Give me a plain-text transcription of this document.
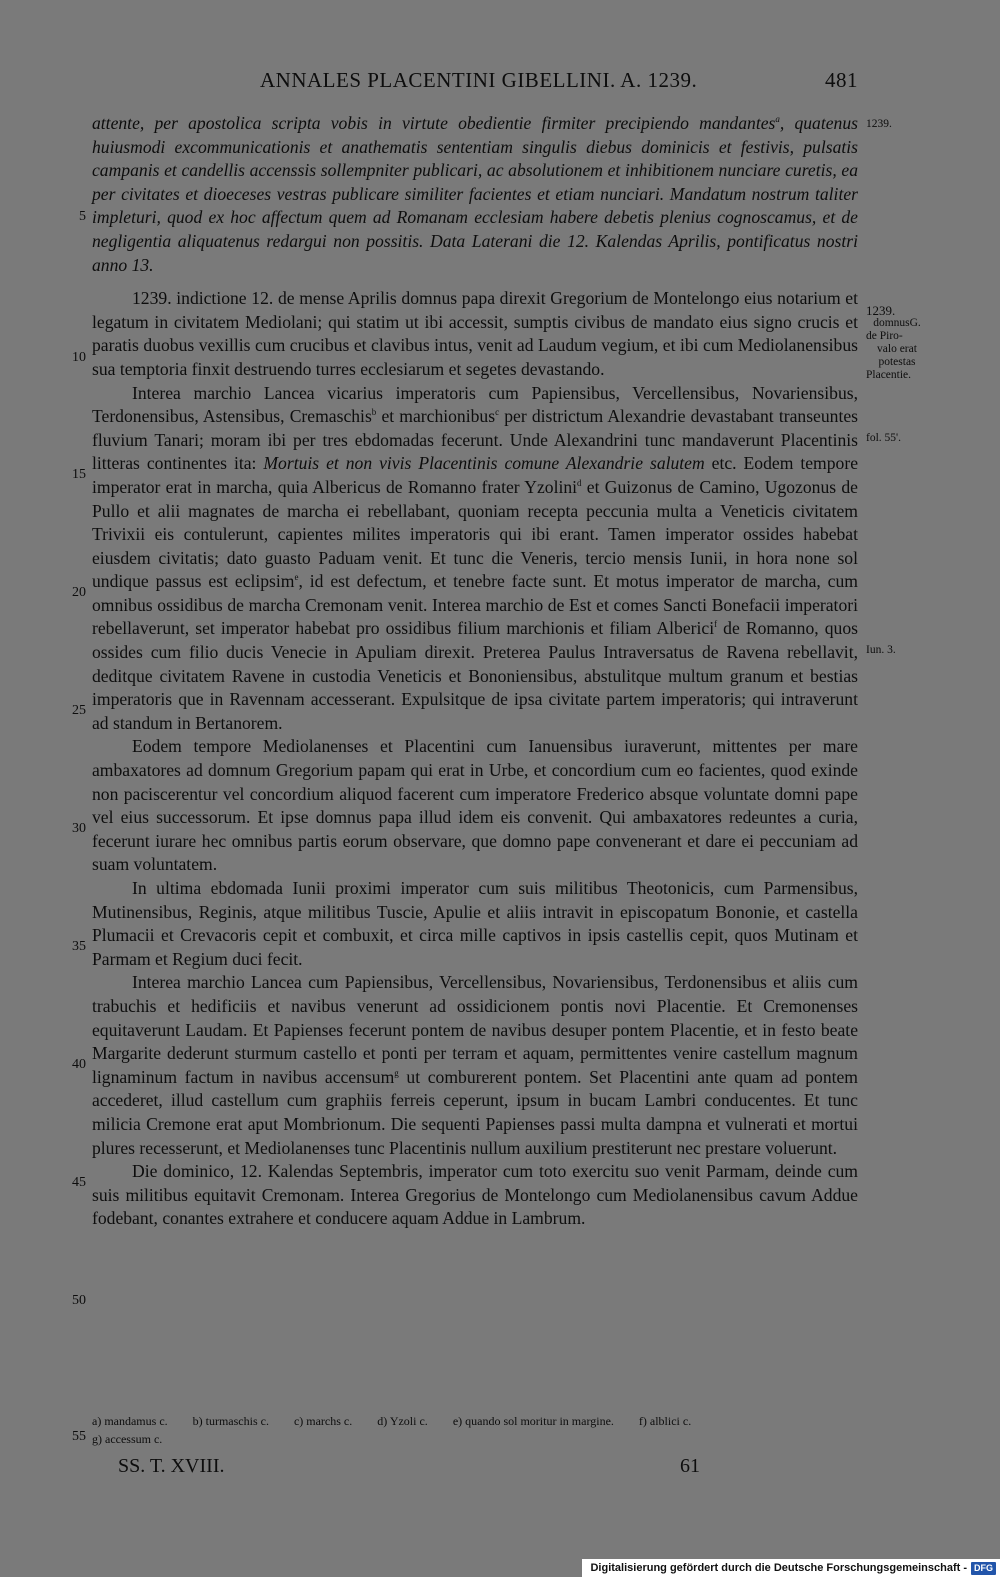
ANNALES PLACENTINI GIBELLINI. A. 1239.	481

attente, per apostolica scripta vobis in virtute obedientie firmiter precipiendo mandantes$^a$, quatenus huiusmodi excommunicationis et anathematis sententiam singulis diebus dominicis et festivis, pulsatis campanis et candellis accenssis sollempniter publicari, ac absolutionem et inhibitionem nunciare curetis, ea per civitates et dioeceses vestras publicare similiter facientes et etiam nunciari. Mandatum nostrum taliter impleturi, quod ex hoc affectum quem ad Romanam ecclesiam habere debetis plenius cognoscamus, et de negligentia aliquatenus redargui non possitis. Data Laterani die 12. Kalendas Aprilis, pontificatus nostri anno 13.

1239. indictione 12. de mense Aprilis domnus papa direxit Gregorium de Montelongo eius notarium et legatum in civitatem Mediolani; qui statim ut ibi accessit, sumptis civibus de mandato eius signo crucis et paratis duobus vexillis cum crucibus et clavibus intus, venit ad Laudum vegium, et ibi cum Mediolanensibus sua temptoria finxit destruendo turres ecclesiarum et segetes devastando.

Interea marchio Lancea vicarius imperatoris cum Papiensibus, Vercellensibus, Novariensibus, Terdonensibus, Astensibus, Cremaschis$^b$ et marchionibus$^c$ per districtum Alexandrie devastabant transeuntes fluvium Tanari; moram ibi per tres ebdomadas fecerunt. Unde Alexandrini tunc mandaverunt Placentinis litteras continentes ita: Mortuis et non vivis Placentinis comune Alexandrie salutem etc. Eodem tempore imperator erat in marcha, quia Albericus de Romanno frater Yzolini$^d$ et Guizonus de Camino, Ugozonus de Pullo et alii magnates de marcha ei rebellabant, quoniam recepta peccunia multa a Veneticis civitatem Trivixii eis contulerunt, capientes milites imperatoris qui ibi erant. Tamen imperator ossides habebat eiusdem civitatis; dato guasto Paduam venit. Et tunc die Veneris, tercio mensis Iunii, in hora none sol undique passus est eclipsim$^e$, id est defectum, et tenebre facte sunt. Et motus imperator de marcha, cum omnibus ossidibus de marcha Cremonam venit. Interea marchio de Est et comes Sancti Bonefacii imperatori rebellaverunt, set imperator habebat pro ossidibus filium marchionis et filiam Alberici$^f$ de Romanno, quos ossides cum filio ducis Venecie in Apuliam direxit. Preterea Paulus Intraversatus de Ravena rebellavit, deditque civitatem Ravene in custodia Veneticis et Bononiensibus, abstulitque multum granum et bestias imperatoris que in Ravennam accesserant. Expulsitque de ipsa civitate partem imperatoris; qui intraverunt ad standum in Bertanorem.

Eodem tempore Mediolanenses et Placentini cum Ianuensibus iuraverunt, mittentes per mare ambaxatores ad domnum Gregorium papam qui erat in Urbe, et concordium cum eo facientes, quod exinde non paciscerentur vel concordium aliquod facerent cum imperatore Frederico absque voluntate domni pape vel eius successorum. Et ipse domnus papa illud idem eis convenit. Qui ambaxatores redeuntes a curia, fecerunt iurare hec omnibus partis eorum observare, que domno pape convenerant et dare ei peccuniam ad suam voluntatem.

In ultima ebdomada Iunii proximi imperator cum suis militibus Theotonicis, cum Parmensibus, Mutinensibus, Reginis, atque militibus Tuscie, Apulie et aliis intravit in episcopatum Bononie, et castella Plumacii et Crevacoris cepit et combuxit, et circa mille captivos in ipsis castellis cepit, quos Mutinam et Parmam et Regium duci fecit.

Interea marchio Lancea cum Papiensibus, Vercellensibus, Novariensibus, Terdonensibus et aliis cum trabuchis et hedificiis et navibus venerunt ad ossidicionem pontis novi Placentie. Et Cremonenses equitaverunt Laudam. Et Papienses fecerunt pontem de navibus desuper pontem Placentie, et in festo beate Margarite dederunt sturmum castello et ponti per terram et aquam, permittentes venire castellum magnum lignaminum factum in navibus accensum$^g$ ut comburerent pontem. Set Placentini ante quam ad pontem accederet, illud castellum cum graphiis ferreis ceperunt, ipsum in bucam Lambri conducentes. Et tunc milicia Cremone erat aput Mombrionum. Die sequenti Papienses passi multa dampna et vulnerati et mortui plures recesserunt, et Mediolanenses tunc Placentinis nullum auxilium prestiterunt nec prestare voluerunt.

Die dominico, 12. Kalendas Septembris, imperator cum toto exercitu suo venit Parmam, deinde cum suis militibus equitavit Cremonam. Interea Gregorius de Montelongo cum Mediolanensibus cavum Addue fodebant, conantes extrahere et conducere aquam Addue in Lambrum.

5
10
15
20
25
30
35
40
45
50
55
1239.
1239.
domnusG.
de Piro-
valo erat
potestas
Placentie.
fol. 55'.
Iun. 3.
a) mandamus c. b) turmaschis c. c) marchs c. d) Yzoli c. e) quando sol moritur in margine. f) alblici c.
g) accessum c.
SS. T. XVIII.	61
Digitalisierung gefördert durch die Deutsche Forschungsgemeinschaft - DFG
